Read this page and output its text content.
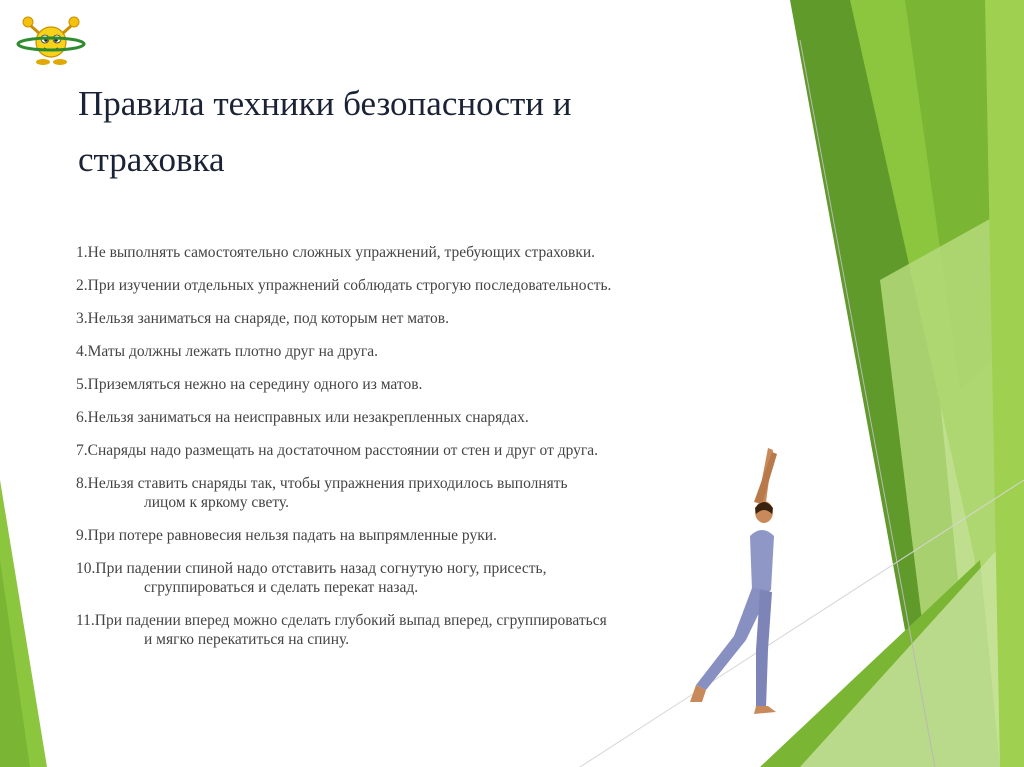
Правила техники безопасности и страховка
1.Не выполнять самостоятельно сложных упражнений, требующих страховки.
2.При изучении отдельных упражнений соблюдать строгую последовательность.
3.Нельзя заниматься на снаряде, под которым нет матов.
4.Маты должны лежать плотно друг на друга.
5.Приземляться нежно на середину одного из матов.
6.Нельзя заниматься на неисправных или незакрепленных снарядах.
7.Снаряды надо размещать на достаточном расстоянии от стен и друг от друга.
8.Нельзя ставить снаряды так, чтобы упражнения приходилось выполнять
лицом к яркому свету.
9.При потере равновесия нельзя падать на выпрямленные руки.
10.При падении спиной надо отставить назад согнутую ногу, присесть,
сгруппироваться и сделать перекат назад.
11.При падении вперед можно сделать глубокий выпад вперед, сгруппироваться
и мягко перекатиться на спину.
